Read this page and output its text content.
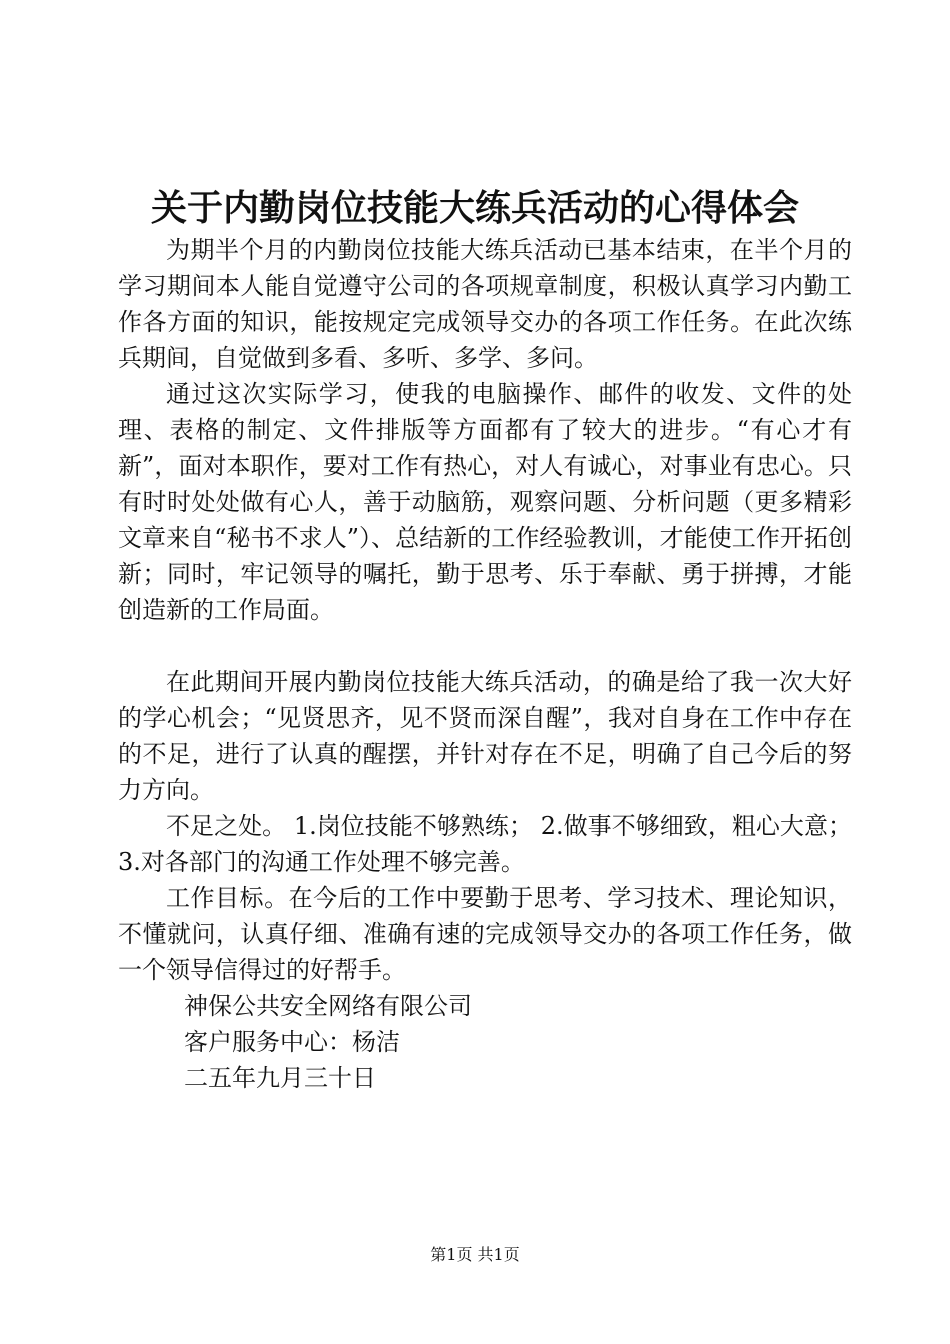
关于内勤岗位技能大练兵活动的心得体会

为期半个月的内勤岗位技能大练兵活动已基本结束，在半个月的学习期间本人能自觉遵守公司的各项规章制度，积极认真学习内勤工作各方面的知识，能按规定完成领导交办的各项工作任务。在此次练兵期间，自觉做到多看、多听、多学、多问。

通过这次实际学习，使我的电脑操作、邮件的收发、文件的处理、表格的制定、文件排版等方面都有了较大的进步。“有心才有新”，面对本职作，要对工作有热心，对人有诚心，对事业有忠心。只有时时处处做有心人，善于动脑筋，观察问题、分析问题（更多精彩文章来自“秘书不求人”）、总结新的工作经验教训，才能使工作开拓创新；同时，牢记领导的嘱托，勤于思考、乐于奉献、勇于拼搏，才能创造新的工作局面。

在此期间开展内勤岗位技能大练兵活动，的确是给了我一次大好的学心机会；“见贤思齐，见不贤而深自醒”，我对自身在工作中存在的不足，进行了认真的醒摆，并针对存在不足，明确了自己今后的努力方向。

不足之处。 1.岗位技能不够熟练； 2.做事不够细致，粗心大意； 3.对各部门的沟通工作处理不够完善。

工作目标。在今后的工作中要勤于思考、学习技术、理论知识，不懂就问，认真仔细、准确有速的完成领导交办的各项工作任务，做一个领导信得过的好帮手。

神保公共安全网络有限公司

客户服务中心：杨洁

二五年九月三十日

第1页 共1页
